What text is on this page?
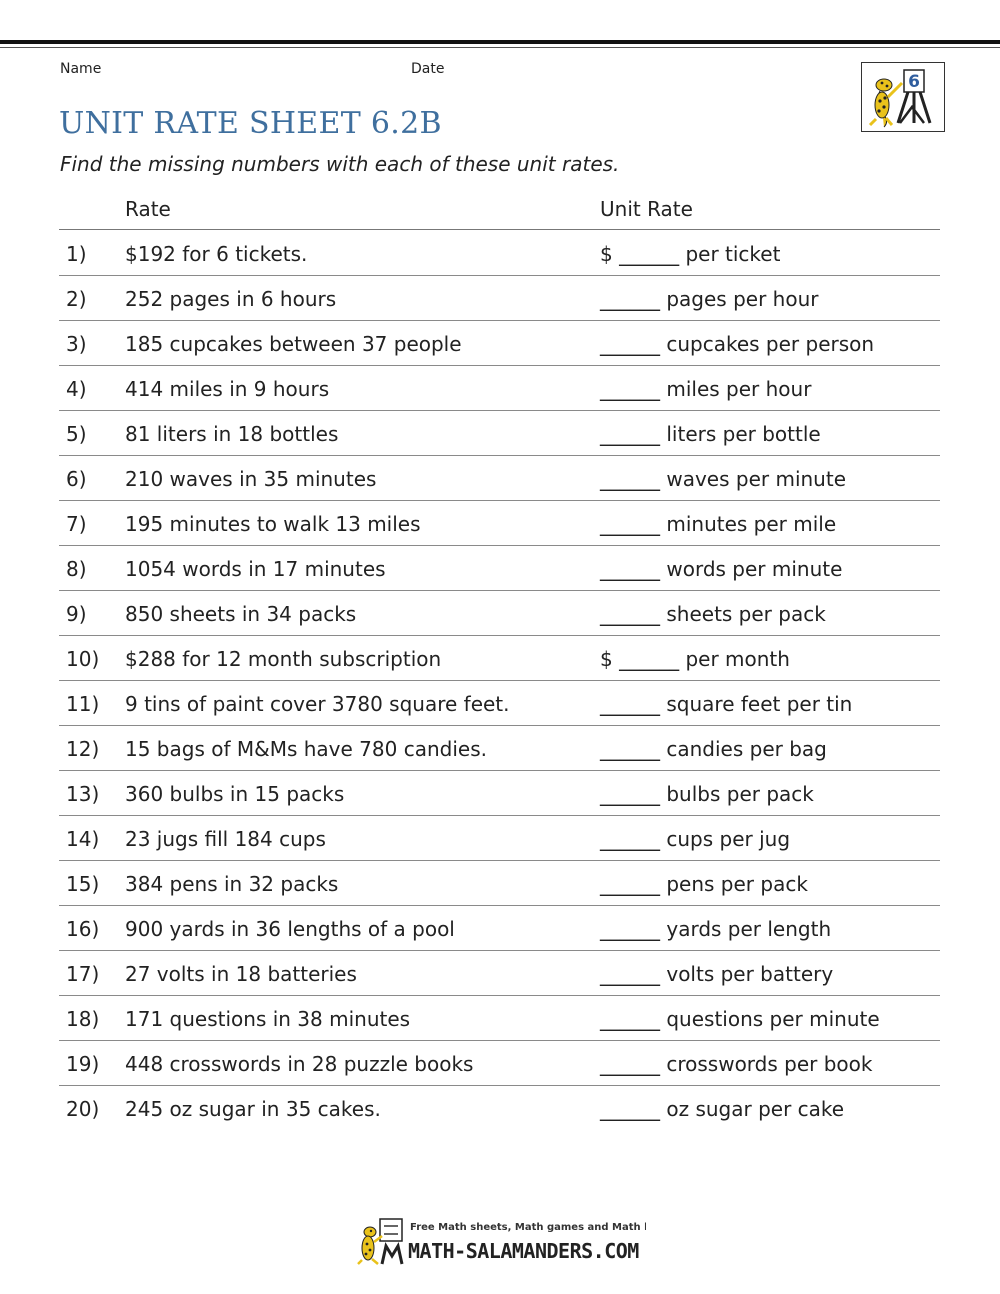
Name	Date
6
UNIT RATE SHEET 6.2B
Find the missing numbers with each of these unit rates.
Rate	Unit Rate
1) $192 for 6 tickets.	$ ______ per ticket
2) 252 pages in 6 hours	______ pages per hour
3) 185 cupcakes between 37 people	______ cupcakes per person
4) 414 miles in 9 hours	______ miles per hour
5) 81 liters in 18 bottles	______ liters per bottle
6) 210 waves in 35 minutes	______ waves per minute
7) 195 minutes to walk 13 miles	______ minutes per mile
8) 1054 words in 17 minutes	______ words per minute
9) 850 sheets in 34 packs	______ sheets per pack
10) $288 for 12 month subscription	$ ______ per month
11) 9 tins of paint cover 3780 square feet.	______ square feet per tin
12) 15 bags of M&Ms have 780 candies.	______ candies per bag
13) 360 bulbs in 15 packs	______ bulbs per pack
14) 23 jugs fill 184 cups	______ cups per jug
15) 384 pens in 32 packs	______ pens per pack
16) 900 yards in 36 lengths of a pool	______ yards per length
17) 27 volts in 18 batteries	______ volts per battery
18) 171 questions in 38 minutes	______ questions per minute
19) 448 crosswords in 28 puzzle books	______ crosswords per book
20) 245 oz sugar in 35 cakes.	______ oz sugar per cake
Free Math sheets, Math games and Math help
MATH-SALAMANDERS.COM
